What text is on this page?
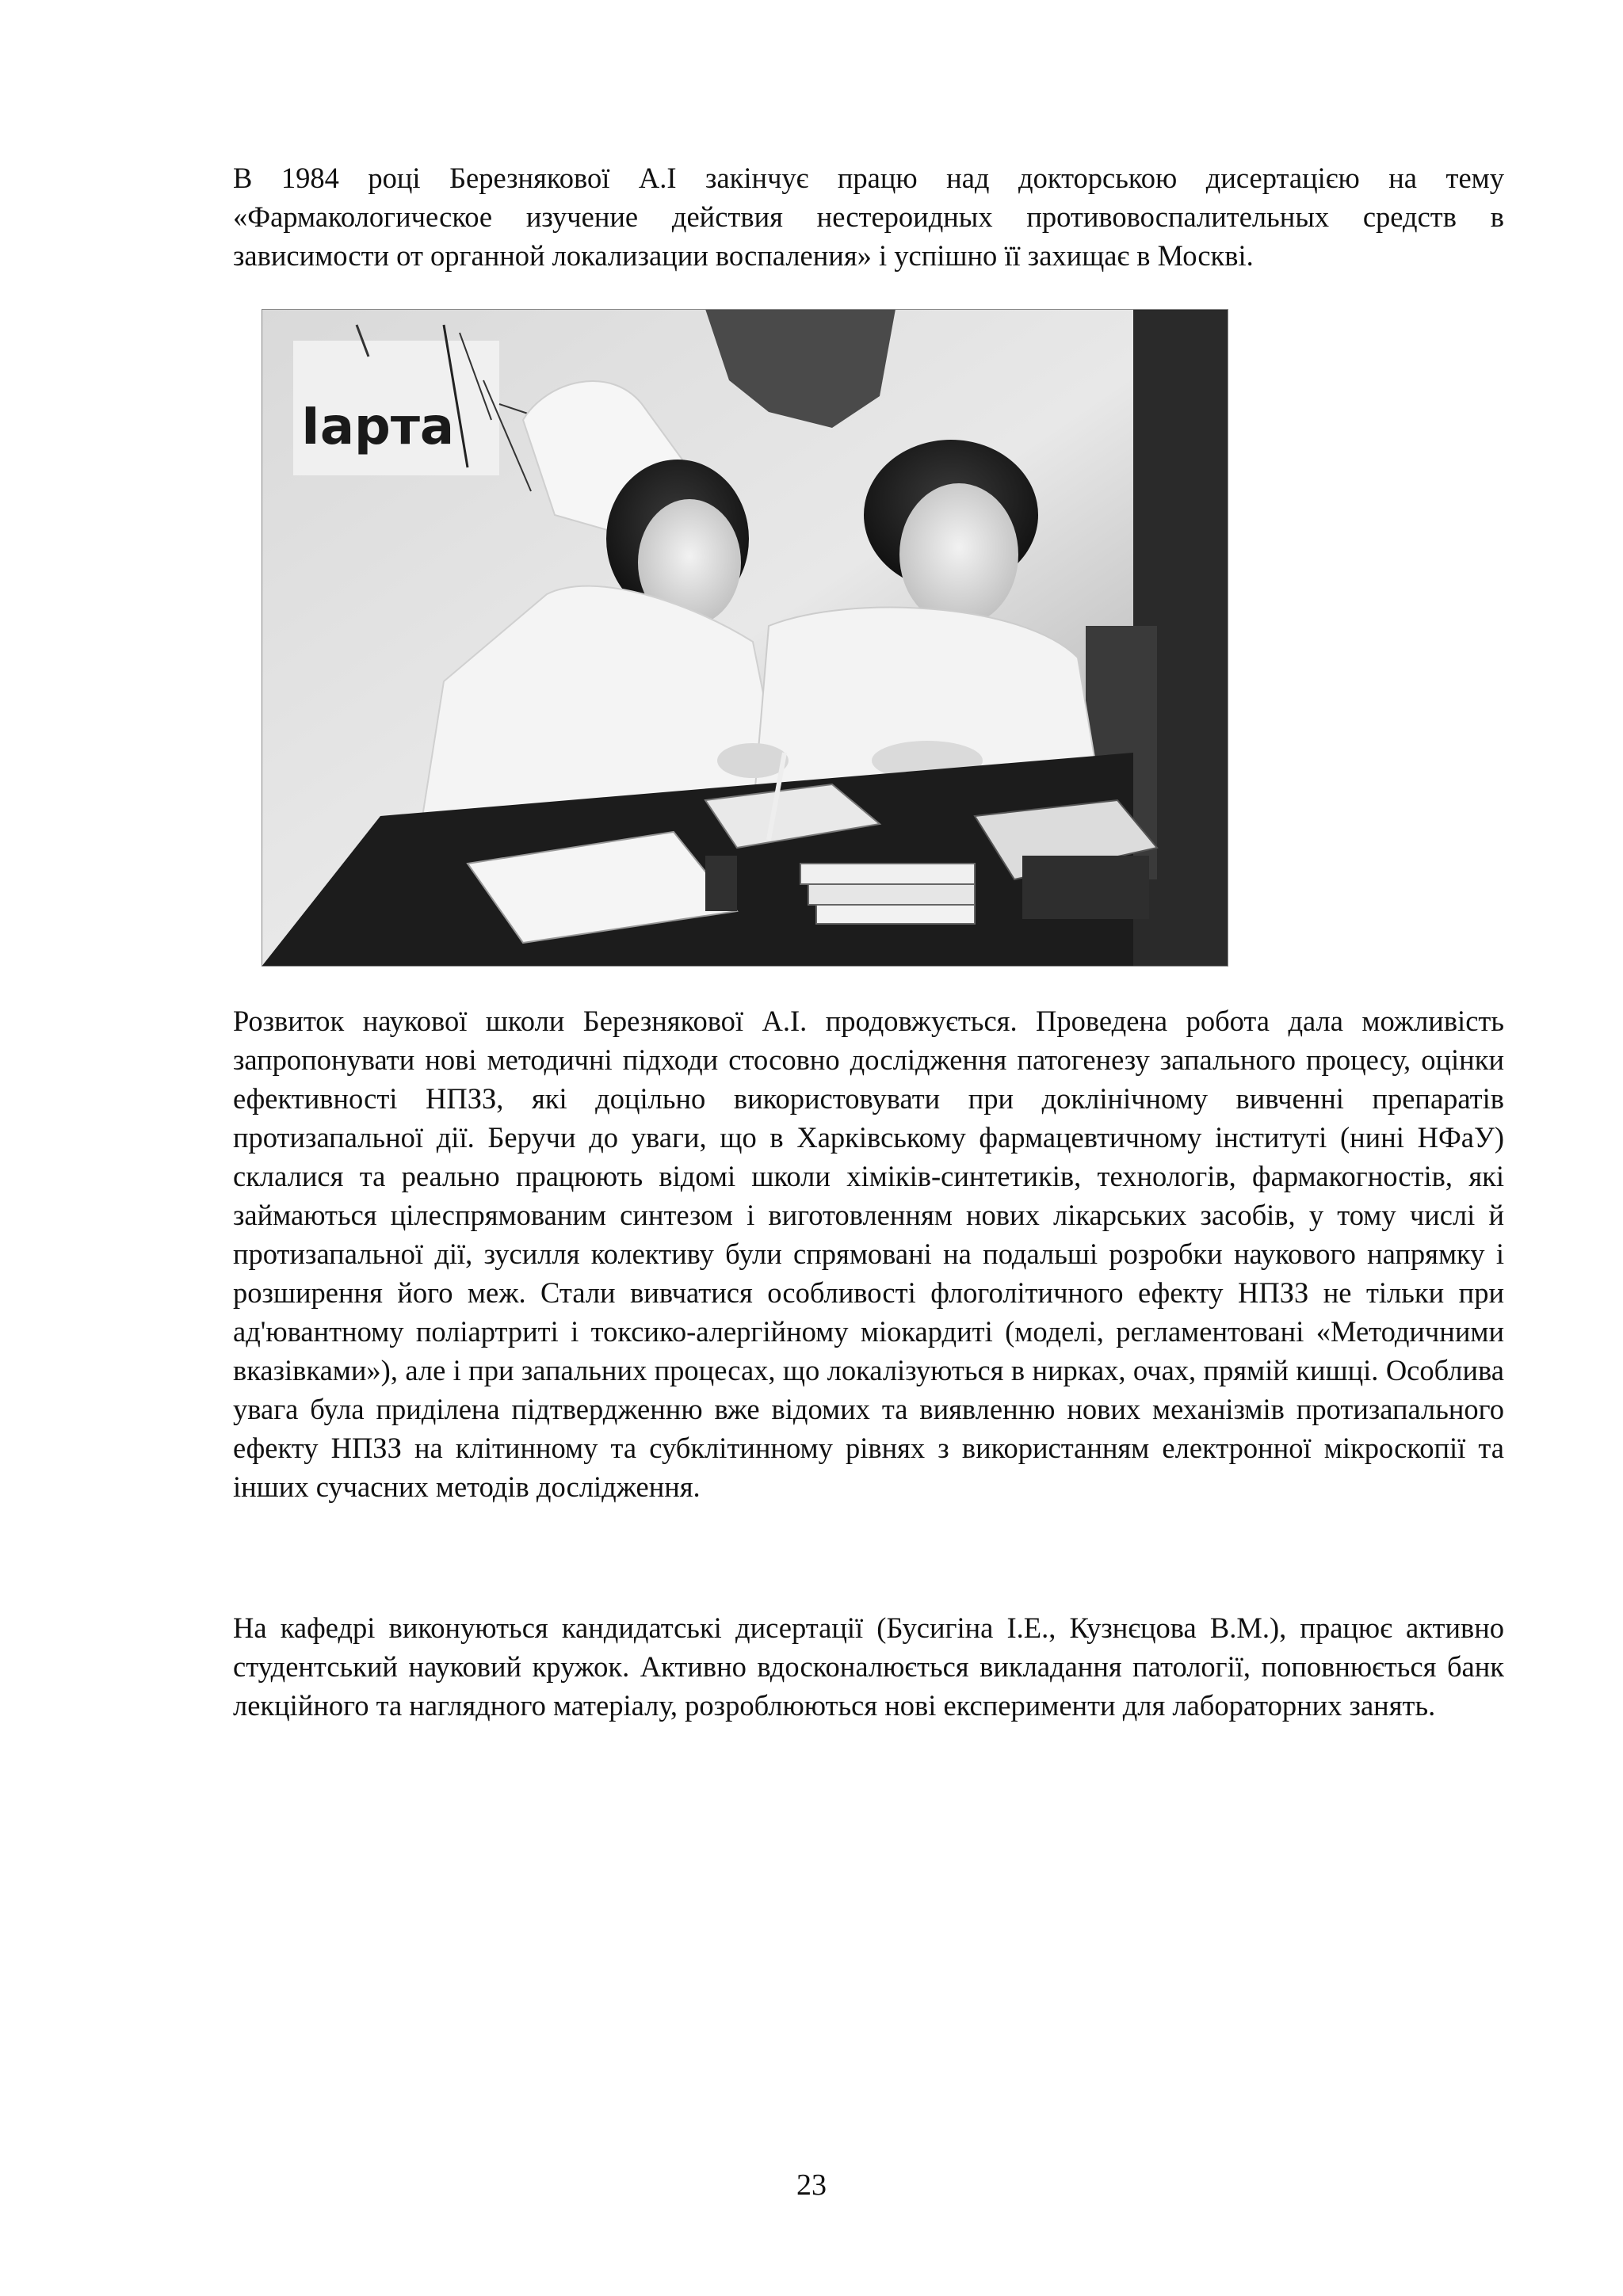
В 1984 році Березнякової А.І закінчує працю над докторською дисертацією на тему «Фармакологическое изучение действия нестероидных противовоспалительных средств в зависимости от органной локализации воспаления» і успішно її захищає в Москві.

Іарта

Розвиток наукової школи Березнякової А.І. продовжується. Проведена робота дала можливість запропонувати нові методичні підходи стосовно дослідження патогенезу запального процесу, оцінки ефективності НПЗЗ, які доцільно використовувати при доклінічному вивченні препаратів протизапальної дії. Беручи до уваги, що в Харківському фармацевтичному інституті (нині НФаУ) склалися та реально працюють відомі школи хіміків-синтетиків, технологів, фармакогностів, які займаються цілеспрямованим синтезом і виготовленням нових лікарських засобів, у тому числі й протизапальної дії, зусилля колективу були спрямовані на подальші розробки наукового напрямку і розширення його меж. Стали вивчатися особливості флоголітичного ефекту НПЗЗ не тільки при ад'ювантному поліартриті і токсико-алергійному міокардиті (моделі, регламентовані «Методичними вказівками»), але і при запальних процесах, що локалізуються в нирках, очах, прямій кишці. Особлива увага була приділена підтвердженню вже відомих та виявленню нових механізмів протизапального ефекту НПЗЗ на клітинному та субклітинному рівнях з використанням електронної мікроскопії та інших сучасних методів дослідження.

На кафедрі виконуються кандидатські дисертації (Бусигіна І.Е., Кузнєцова В.М.), працює активно студентський науковий кружок. Активно вдосконалюється викладання патології, поповнюється банк лекційного та наглядного матеріалу, розроблюються нові експерименти для лабораторних занять.

23
